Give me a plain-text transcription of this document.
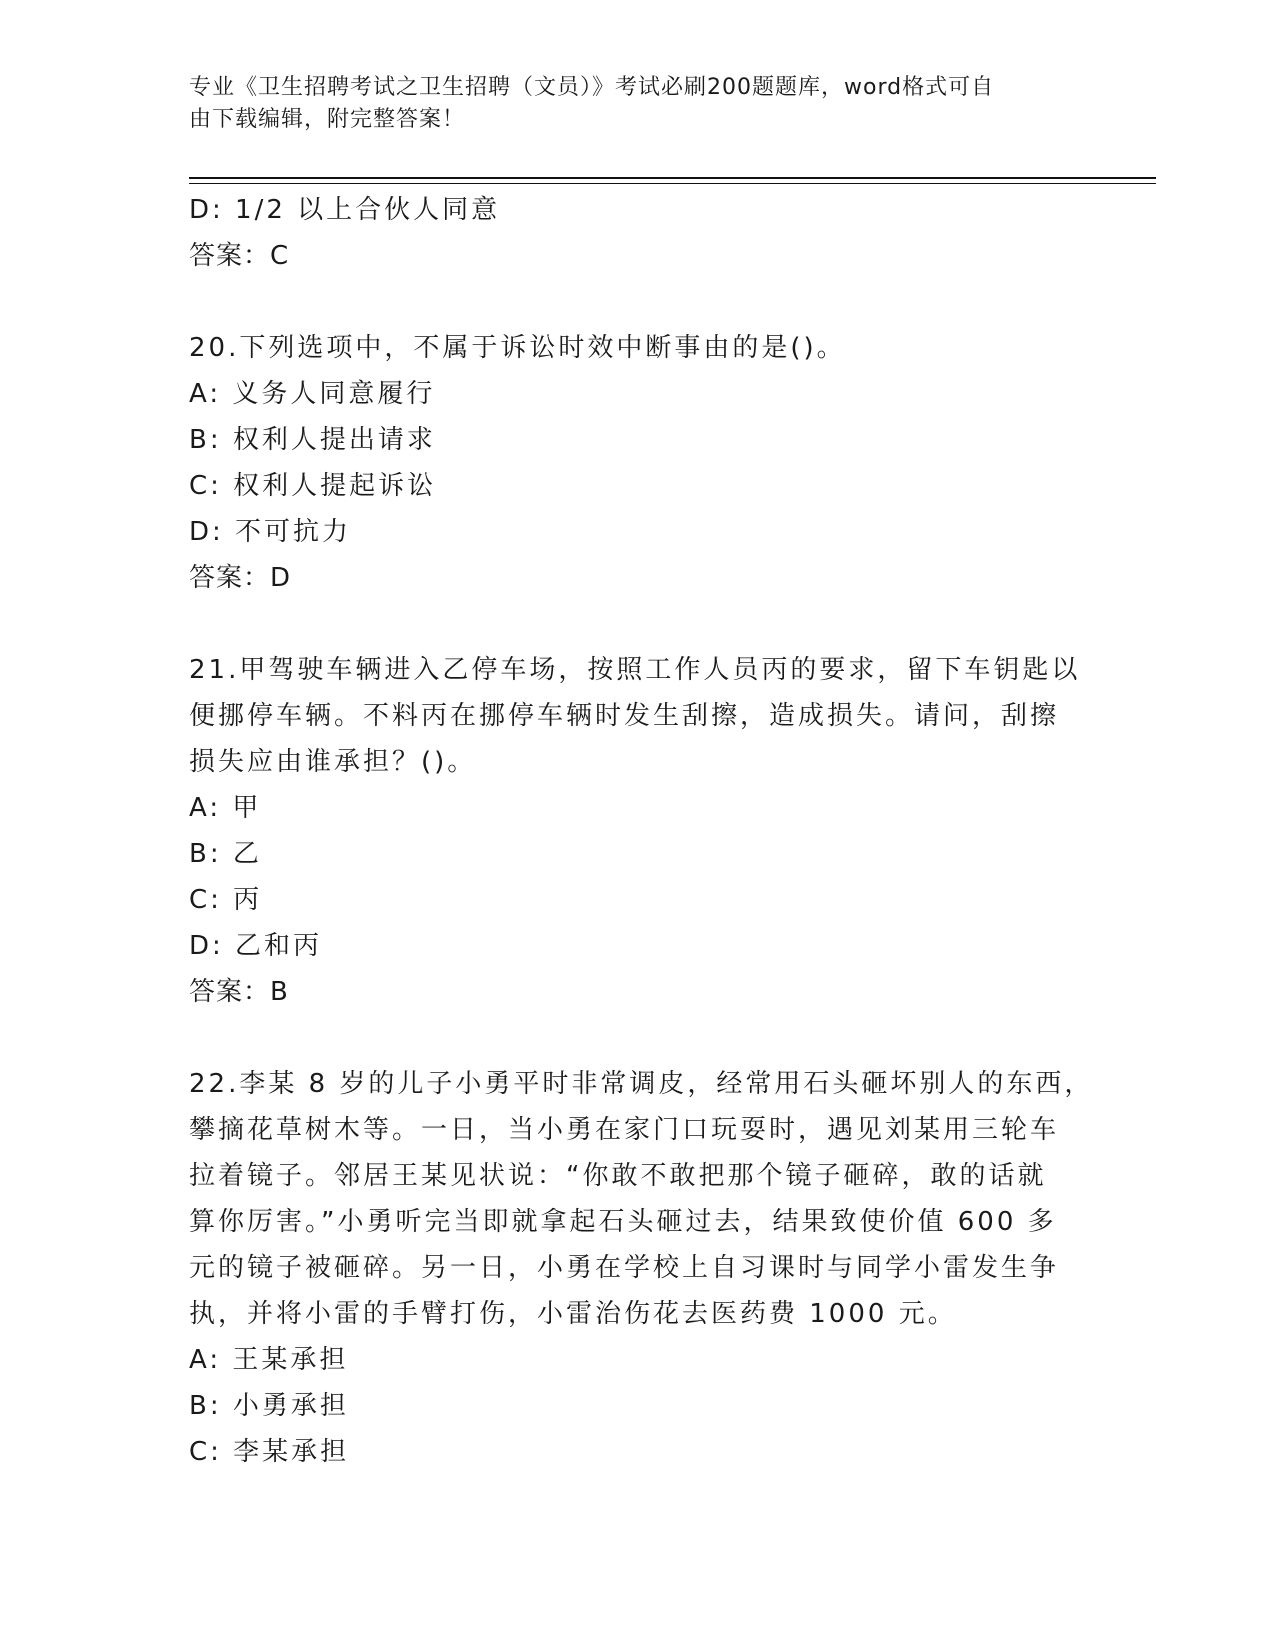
专业《卫生招聘考试之卫生招聘（文员）》考试必刷200题题库，word格式可自
由下载编辑，附完整答案！
D: 1/2 以上合伙人同意
答案：C
20.下列选项中，不属于诉讼时效中断事由的是()。
A: 义务人同意履行
B: 权利人提出请求
C: 权利人提起诉讼
D: 不可抗力
答案：D
21.甲驾驶车辆进入乙停车场，按照工作人员丙的要求，留下车钥匙以
便挪停车辆。不料丙在挪停车辆时发生刮擦，造成损失。请问，刮擦
损失应由谁承担？()。
A: 甲
B: 乙
C: 丙
D: 乙和丙
答案：B
22.李某 8 岁的儿子小勇平时非常调皮，经常用石头砸坏别人的东西，
攀摘花草树木等。一日，当小勇在家门口玩耍时，遇见刘某用三轮车
拉着镜子。邻居王某见状说：“你敢不敢把那个镜子砸碎，敢的话就
算你厉害。”小勇听完当即就拿起石头砸过去，结果致使价值 600 多
元的镜子被砸碎。另一日，小勇在学校上自习课时与同学小雷发生争
执，并将小雷的手臂打伤，小雷治伤花去医药费 1000 元。
A: 王某承担
B: 小勇承担
C: 李某承担
